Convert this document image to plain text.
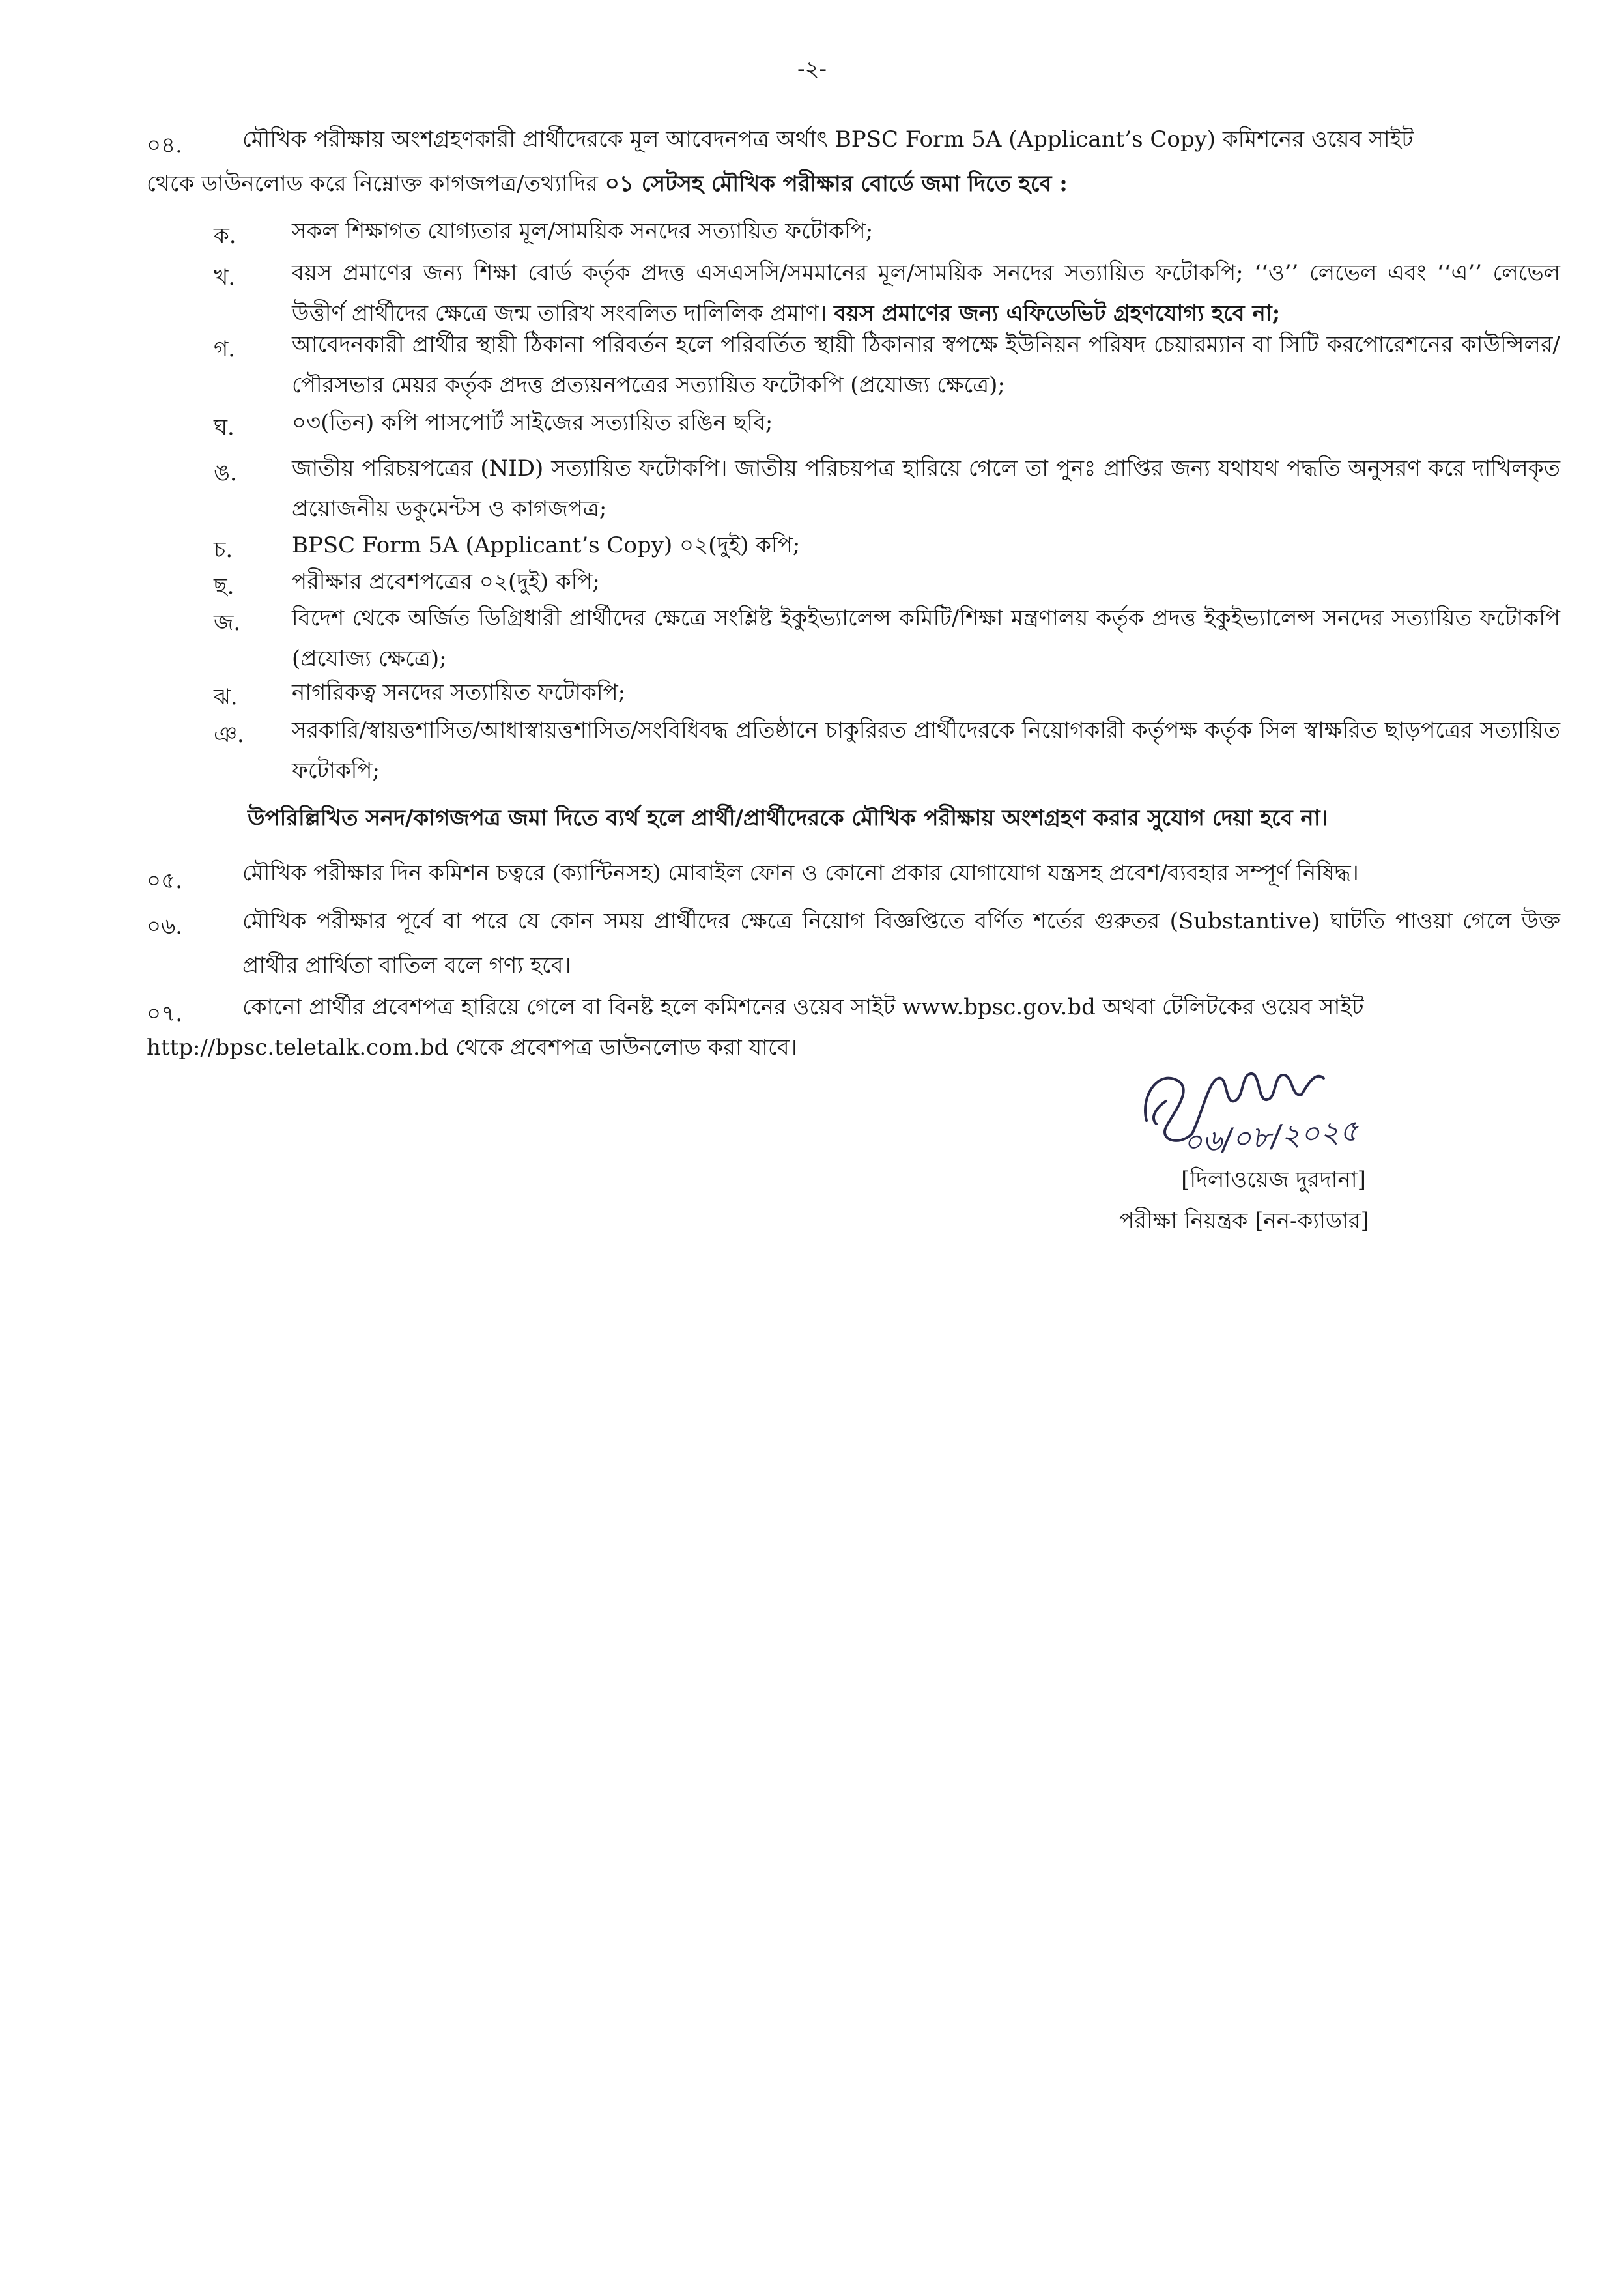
-২-
০৪.	মৌখিক পরীক্ষায় অংশগ্রহণকারী প্রার্থীদেরকে মূল আবেদনপত্র অর্থাৎ BPSC Form 5A (Applicant’s Copy) কমিশনের ওয়েব সাইট
থেকে ডাউনলোড করে নিম্নোক্ত কাগজপত্র/তথ্যাদির ০১ সেটসহ মৌখিক পরীক্ষার বোর্ডে জমা দিতে হবে :
ক.	সকল শিক্ষাগত যোগ্যতার মূল/সাময়িক সনদের সত্যায়িত ফটোকপি;
খ.	বয়স প্রমাণের জন্য শিক্ষা বোর্ড কর্তৃক প্রদত্ত এসএসসি/সমমানের মূল/সাময়িক সনদের সত্যায়িত ফটোকপি; ‘‘ও’’ লেভেল এবং ‘‘এ’’ লেভেল উত্তীর্ণ প্রার্থীদের ক্ষেত্রে জন্ম তারিখ সংবলিত দালিলিক প্রমাণ। বয়স প্রমাণের জন্য এফিডেভিট গ্রহণযোগ্য হবে না;
গ.	আবেদনকারী প্রার্থীর স্থায়ী ঠিকানা পরিবর্তন হলে পরিবর্তিত স্থায়ী ঠিকানার স্বপক্ষে ইউনিয়ন পরিষদ চেয়ারম্যান বা সিটি করপোরেশনের কাউন্সিলর/পৌরসভার মেয়র কর্তৃক প্রদত্ত প্রত্যয়নপত্রের সত্যায়িত ফটোকপি (প্রযোজ্য ক্ষেত্রে);
ঘ.	০৩(তিন) কপি পাসপোর্ট সাইজের সত্যায়িত রঙিন ছবি;
ঙ.	জাতীয় পরিচয়পত্রের (NID) সত্যায়িত ফটোকপি। জাতীয় পরিচয়পত্র হারিয়ে গেলে তা পুনঃ প্রাপ্তির জন্য যথাযথ পদ্ধতি অনুসরণ করে দাখিলকৃত প্রয়োজনীয় ডকুমেন্টস ও কাগজপত্র;
চ.	BPSC Form 5A (Applicant’s Copy) ০২(দুই) কপি;
ছ.	পরীক্ষার প্রবেশপত্রের ০২(দুই) কপি;
জ.	বিদেশ থেকে অর্জিত ডিগ্রিধারী প্রার্থীদের ক্ষেত্রে সংশ্লিষ্ট ইকুইভ্যালেন্স কমিটি/শিক্ষা মন্ত্রণালয় কর্তৃক প্রদত্ত ইকুইভ্যালেন্স সনদের সত্যায়িত ফটোকপি (প্রযোজ্য ক্ষেত্রে);
ঝ.	নাগরিকত্ব সনদের সত্যায়িত ফটোকপি;
ঞ.	সরকারি/স্বায়ত্তশাসিত/আধাস্বায়ত্তশাসিত/সংবিধিবদ্ধ প্রতিষ্ঠানে চাকুরিরত প্রার্থীদেরকে নিয়োগকারী কর্তৃপক্ষ কর্তৃক সিল স্বাক্ষরিত ছাড়পত্রের সত্যায়িত ফটোকপি;
উপরিল্লিখিত সনদ/কাগজপত্র জমা দিতে ব্যর্থ হলে প্রার্থী/প্রার্থীদেরকে মৌখিক পরীক্ষায় অংশগ্রহণ করার সুযোগ দেয়া হবে না।
০৫.	মৌখিক পরীক্ষার দিন কমিশন চত্বরে (ক্যান্টিনসহ) মোবাইল ফোন ও কোনো প্রকার যোগাযোগ যন্ত্রসহ প্রবেশ/ব্যবহার সম্পূর্ণ নিষিদ্ধ।
০৬.	মৌখিক পরীক্ষার পূর্বে বা পরে যে কোন সময় প্রার্থীদের ক্ষেত্রে নিয়োগ বিজ্ঞপ্তিতে বর্ণিত শর্তের গুরুতর (Substantive) ঘাটতি পাওয়া গেলে উক্ত প্রার্থীর প্রার্থিতা বাতিল বলে গণ্য হবে।
০৭.	কোনো প্রার্থীর প্রবেশপত্র হারিয়ে গেলে বা বিনষ্ট হলে কমিশনের ওয়েব সাইট www.bpsc.gov.bd অথবা টেলিটকের ওয়েব সাইট
http://bpsc.teletalk.com.bd থেকে প্রবেশপত্র ডাউনলোড করা যাবে।
০৬/০৮/২০২৫
[দিলাওয়েজ দুরদানা]
পরীক্ষা নিয়ন্ত্রক [নন-ক্যাডার]
